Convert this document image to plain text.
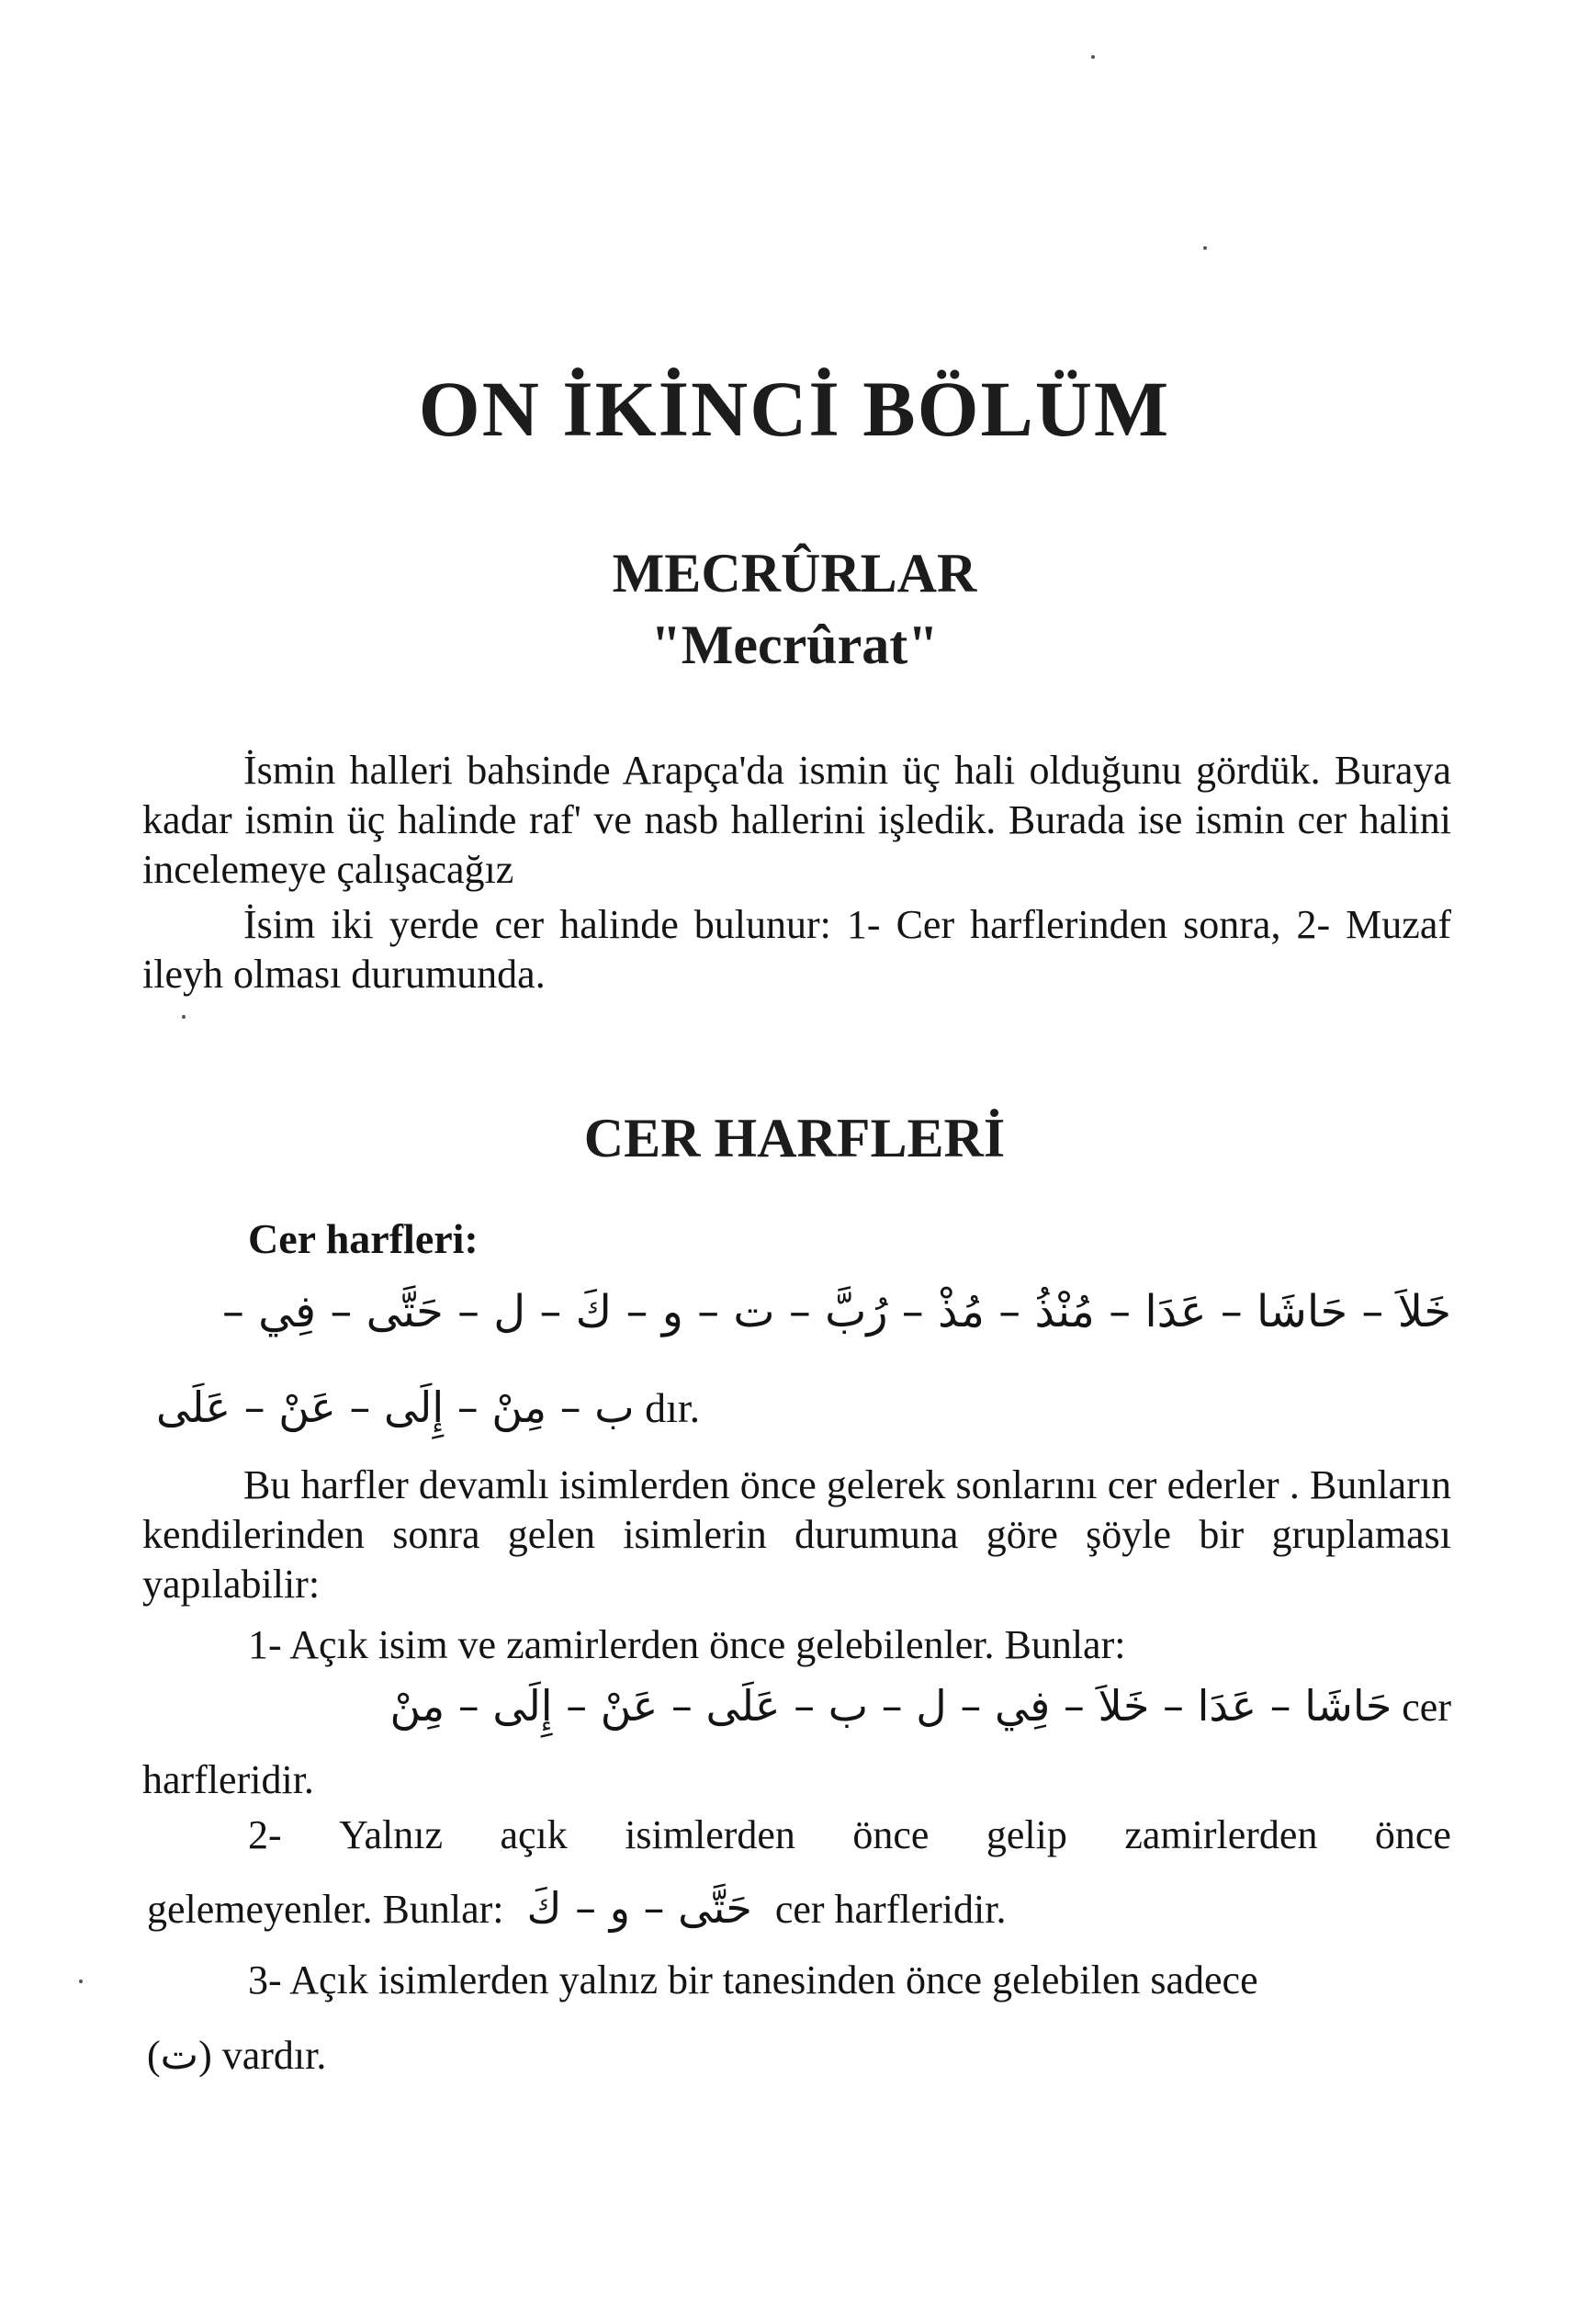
ON İKİNCİ BÖLÜM
MECRÛRLAR
"Mecrûrat"

İsmin halleri bahsinde Arapça'da ismin üç hali olduğunu gördük. Buraya kadar ismin üç halinde raf' ve nasb hallerini işledik. Burada ise ismin cer halini incelemeye çalışacağız

İsim iki yerde cer halinde bulunur: 1- Cer harflerinden sonra, 2- Muzaf ileyh olması durumunda.

CER HARFLERİ
Cer harfleri:
خَلاَ – حَاشَا – عَدَا – مُنْذُ – مُذْ – رُبَّ – ت – و – كَ – ل – حَتَّى – فِي –
ب – مِنْ – إِلَى – عَنْ – عَلَى dır.

Bu harfler devamlı isimlerden önce gelerek sonlarını cer ederler . Bunların kendilerinden sonra gelen isimlerin durumuna göre şöyle bir gruplaması yapılabilir:

1- Açık isim ve zamirlerden önce gelebilenler. Bunlar:
حَاشَا – عَدَا – خَلاَ – فِي – ل – ب – عَلَى – عَنْ – إِلَى – مِنْ cer
harfleridir.
2- Yalnız açık isimlerden önce gelip zamirlerden önce
gelemeyenler. Bunlar: حَتَّى – و – كَ cer harfleridir.
3- Açık isimlerden yalnız bir tanesinden önce gelebilen sadece
(ت) vardır.
